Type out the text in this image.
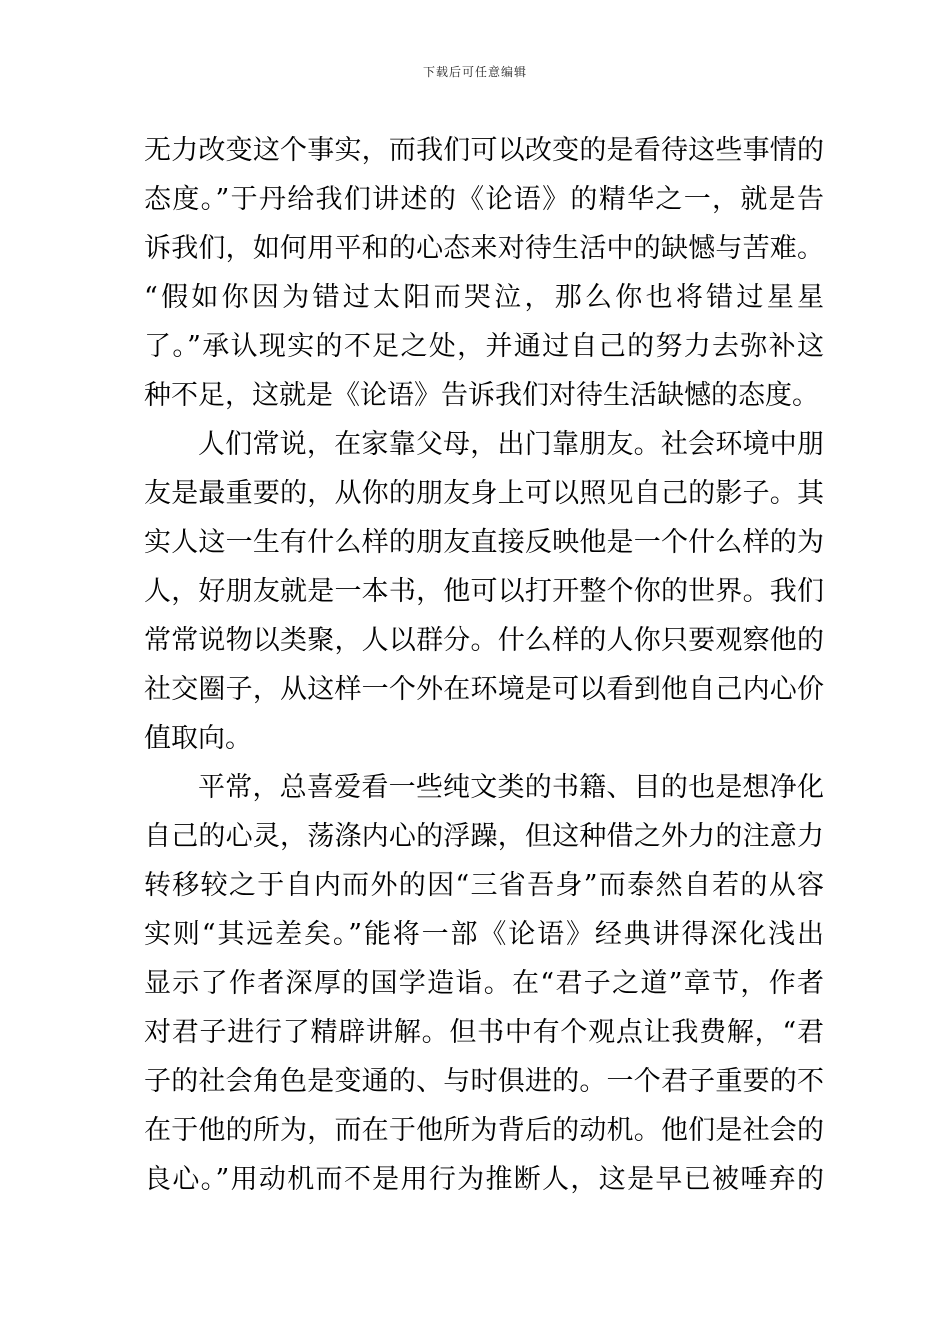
下载后可任意编辑
无力改变这个事实，而我们可以改变的是看待这些事情的
态度。”于丹给我们讲述的《论语》的精华之一，就是告
诉我们，如何用平和的心态来对待生活中的缺憾与苦难。
“假如你因为错过太阳而哭泣，那么你也将错过星星
了。”承认现实的不足之处，并通过自己的努力去弥补这
种不足，这就是《论语》告诉我们对待生活缺憾的态度。
人们常说，在家靠父母，出门靠朋友。社会环境中朋
友是最重要的，从你的朋友身上可以照见自己的影子。其
实人这一生有什么样的朋友直接反映他是一个什么样的为
人，好朋友就是一本书，他可以打开整个你的世界。我们
常常说物以类聚，人以群分。什么样的人你只要观察他的
社交圈子，从这样一个外在环境是可以看到他自己内心价
值取向。
平常，总喜爱看一些纯文类的书籍、目的也是想净化
自己的心灵，荡涤内心的浮躁，但这种借之外力的注意力
转移较之于自内而外的因“三省吾身”而泰然自若的从容
实则“其远差矣。”能将一部《论语》经典讲得深化浅出
显示了作者深厚的国学造诣。在“君子之道”章节，作者
对君子进行了精辟讲解。但书中有个观点让我费解，“君
子的社会角色是变通的、与时俱进的。一个君子重要的不
在于他的所为，而在于他所为背后的动机。他们是社会的
良心。”用动机而不是用行为推断人，这是早已被唾弃的
